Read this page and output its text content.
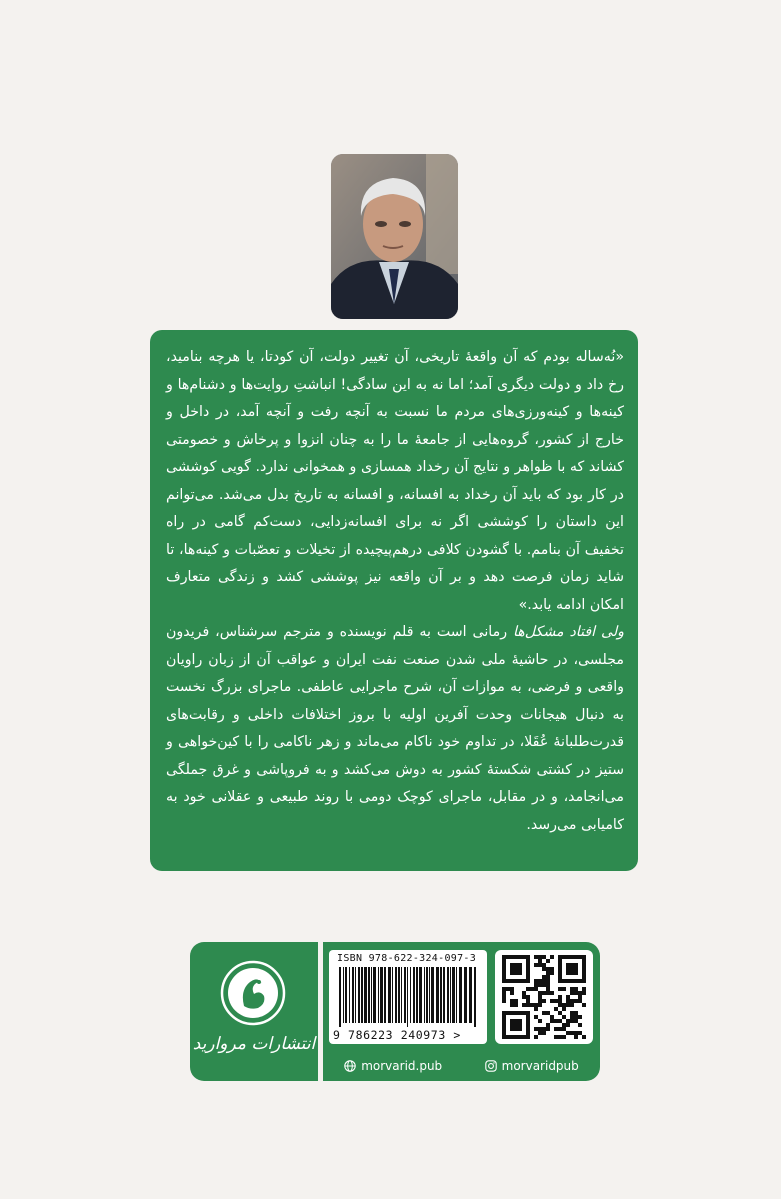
«نُه‌ساله بودم که آن واقعهٔ تاریخی، آن تغییر دولت، آن کودتا، یا هرچه بنامید، رخ داد و دولت دیگری آمد؛ اما نه به این سادگی! انباشتِ روایت‌ها و دشنام‌ها و کینه‌ها و کینه‌ورزی‌های مردم ما نسبت به آنچه رفت و آنچه آمد، در داخل و خارج از کشور، گروه‌هایی از جامعهٔ ما را به چنان انزوا و پرخاش و خصومتی کشاند که با ظواهر و نتایج آن رخداد همسازی و همخوانی ندارد. گویی کوششی در کار بود که باید آن رخداد به افسانه، و افسانه به تاریخ بدل می‌شد. می‌توانم این داستان را کوششی اگر نه برای افسانه‌زدایی، دست‌کم گامی در راه تخفیف آن بنامم. با گشودن کلافی درهم‌پیچیده از تخیلات و تعصّبات و کینه‌ها، تا شاید زمان فرصت دهد و بر آن واقعه نیز پوششی کشد و زندگی متعارف امکان ادامه یابد.»

ولی افتاد مشکل‌ها رمانی است به قلم نویسنده و مترجم سرشناس، فریدون مجلسی، در حاشیهٔ ملی شدن صنعت نفت ایران و عواقب آن از زبان راویان واقعی و فرضی، به موازات آن، شرح ماجرایی عاطفی. ماجرای بزرگ نخست به دنبال هیجانات وحدت آفرین اولیه با بروز اختلافات داخلی و رقابت‌های قدرت‌طلبانهٔ عُقَلا، در تداوم خود ناکام می‌ماند و زهر ناکامی را با کین‌خواهی و ستیز در کشتی شکستهٔ کشور به دوش می‌کشد و به فروپاشی و غرق جملگی می‌انجامد، و در مقابل، ماجرای کوچک دومی با روند طبیعی و عقلانی خود به کامیابی می‌رسد.

انتشارات مروارید
ISBN 978-622-324-097-3
9 786223 240973 >
morvarid.pub	morvaridpub
